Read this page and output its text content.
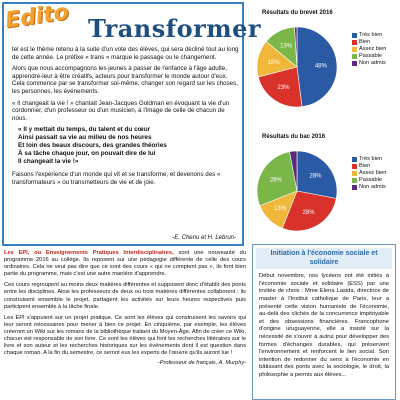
Edito Transformer

tel est le thème retenu à la suite d'un vote des élèves, qui sera décliné tout au long de cette année. Le préfixe « trans » marque le passage ou le changement.

Alors que nous accompagnons les jeunes à passer de l'enfance à l'âge adulte, apprendre-leur à être créatifs, acteurs pour transformer le monde autour d'eux. Cela commence par se transformer soi-même, changer son regard sur les choses, les personnes, les événements.

« Il changeait la vie ! » chantait Jean-Jacques Goldman en évoquant la vie d'un cordonnier, d'un professeur ou d'un musicien, à l'image de celle de chacun de nous.

« Il y mettait du temps, du talent et du cœur
Ainsi passait sa vie au milieu de nos heures
Et loin des beaux discours, des grandes théories
À sa tâche chaque jour, on pouvait dire de lui
Il changeait la vie !»

Faisons l'expérience d'un monde qui vit et se transforme, et devenons des « transformateurs » ou transmetteurs de vie et de joie.

-E. Chenu et H. Lebrun-
Résultats du brevet 2016
48%
23%
15%
13%
Très bien
Bien
Assez bien
Passable
Non admis
Résultats du bac 2016
28%
28%
13%
28%
Très bien
Bien
Assez bien
Passable
Non admis

Les EPI, ou Enseignements Pratiques Interdisciplinaires, sont une nouveauté du programme 2016 au collège. Ils reposent sur une pédagogie différente de celle des cours ordinaires. Cela ne veut pas dire que ce sont des cours « qui ne comptent pas », ils font bien partie du programme, mais c'est une autre manière d'apprendre.

Ces cours regroupent au moins deux matières différentes et supposent donc d'établir des ponts entre les disciplines. Ainsi les professeurs de deux ou trois matières différentes collaborent : ils construisent ensemble le projet, partagent les activités sur leurs heures respectives puis participent ensemble à la tâche finale.

Les EPI s'appuient sur un projet pratique. Ce sont les élèves qui construisent les savoirs qui leur seront nécessaires pour mener à bien ce projet. En cinquième, par exemple, les élèves créeront un Wiki sur les romans de la bibliothèque traitant du Moyen-Âge. Afin de créer ce Wiki, chacun est responsable de son livre. Ce sont les élèves qui font les recherches littéraires sur le livre et son auteur et les recherches historiques sur les événements dont il est question dans chaque roman. A la fin du semestre, ce seront eux les experts de l'œuvre qu'ils auront lue !

-Professeur de français, A. Murphy-
Initiation à l'économie sociale et solidaire
Début novembre, nos lycéens ont été initiés à l'économie sociale et solidaire (ESS) par une invitée de choix : Mme Elena Lasida, directrice de master à l'Institut catholique de Paris, leur a présenté cette vision humaniste de l'économie, au-delà des clichés de la concurrence impitoyable et des obsessions financières. Francophone d'origine uruguayenne, elle a insisté sur la nécessité de s'ouvrir à autrui pour développer des formes d'échanges durables, qui préservent l'environnement et renforcent le lien social. Son intention de redonner du sens à l'économie en bâtissant des ponts avec la sociologie, le droit, la philosophie a permis aux élèves...
